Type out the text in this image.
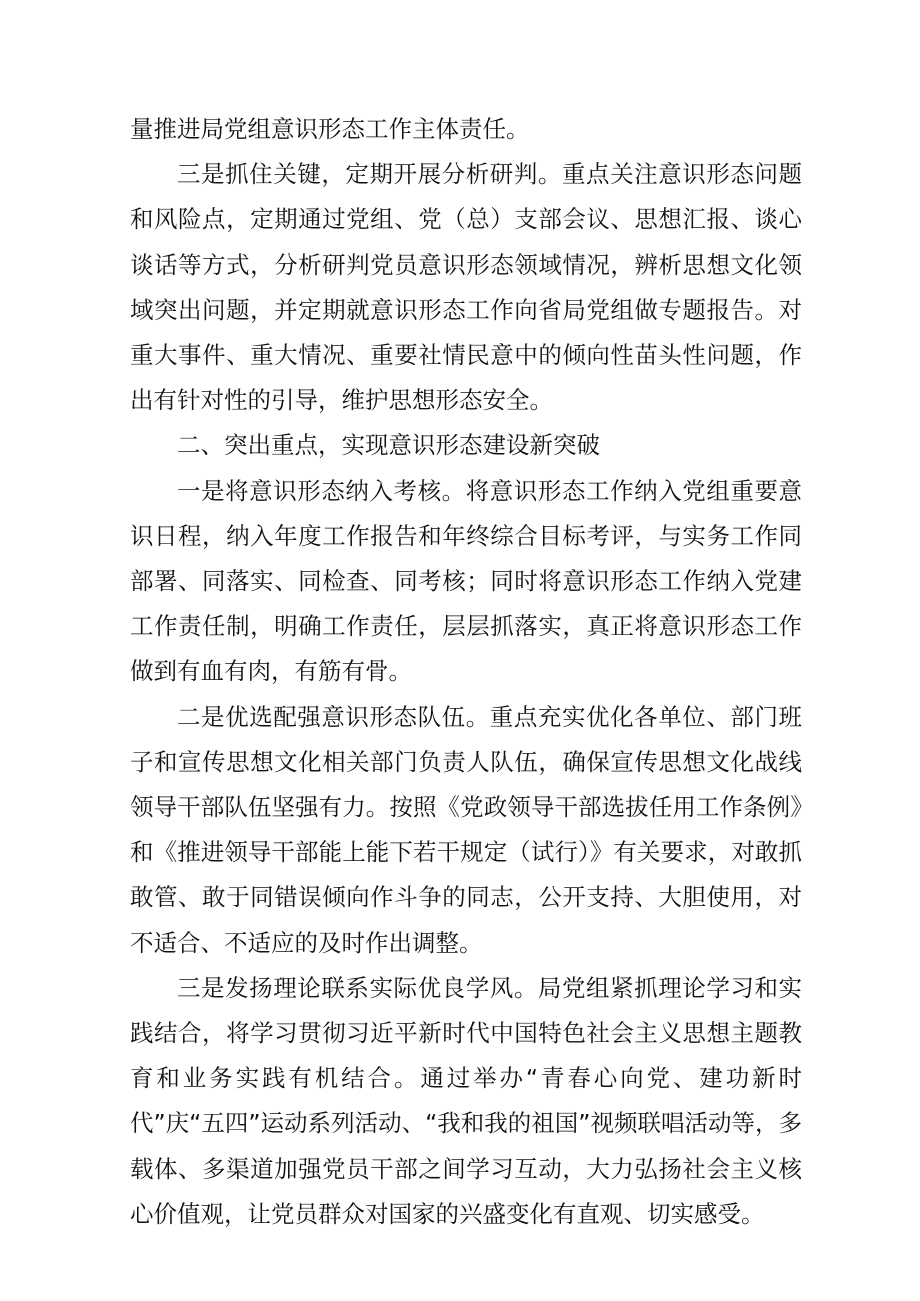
量推进局党组意识形态工作主体责任。

三是抓住关键，定期开展分析研判。重点关注意识形态问题和风险点，定期通过党组、党（总）支部会议、思想汇报、谈心谈话等方式，分析研判党员意识形态领域情况，辨析思想文化领域突出问题，并定期就意识形态工作向省局党组做专题报告。对重大事件、重大情况、重要社情民意中的倾向性苗头性问题，作出有针对性的引导，维护思想形态安全。

二、突出重点，实现意识形态建设新突破

一是将意识形态纳入考核。将意识形态工作纳入党组重要意识日程，纳入年度工作报告和年终综合目标考评，与实务工作同部署、同落实、同检查、同考核；同时将意识形态工作纳入党建工作责任制，明确工作责任，层层抓落实，真正将意识形态工作做到有血有肉，有筋有骨。

二是优选配强意识形态队伍。重点充实优化各单位、部门班子和宣传思想文化相关部门负责人队伍，确保宣传思想文化战线领导干部队伍坚强有力。按照《党政领导干部选拔任用工作条例》和《推进领导干部能上能下若干规定（试行）》有关要求，对敢抓敢管、敢于同错误倾向作斗争的同志，公开支持、大胆使用，对不适合、不适应的及时作出调整。

三是发扬理论联系实际优良学风。局党组紧抓理论学习和实践结合，将学习贯彻习近平新时代中国特色社会主义思想主题教育和业务实践有机结合。通过举办“青春心向党、建功新时代”庆“五四”运动系列活动、“我和我的祖国”视频联唱活动等，多载体、多渠道加强党员干部之间学习互动，大力弘扬社会主义核心价值观，让党员群众对国家的兴盛变化有直观、切实感受。
